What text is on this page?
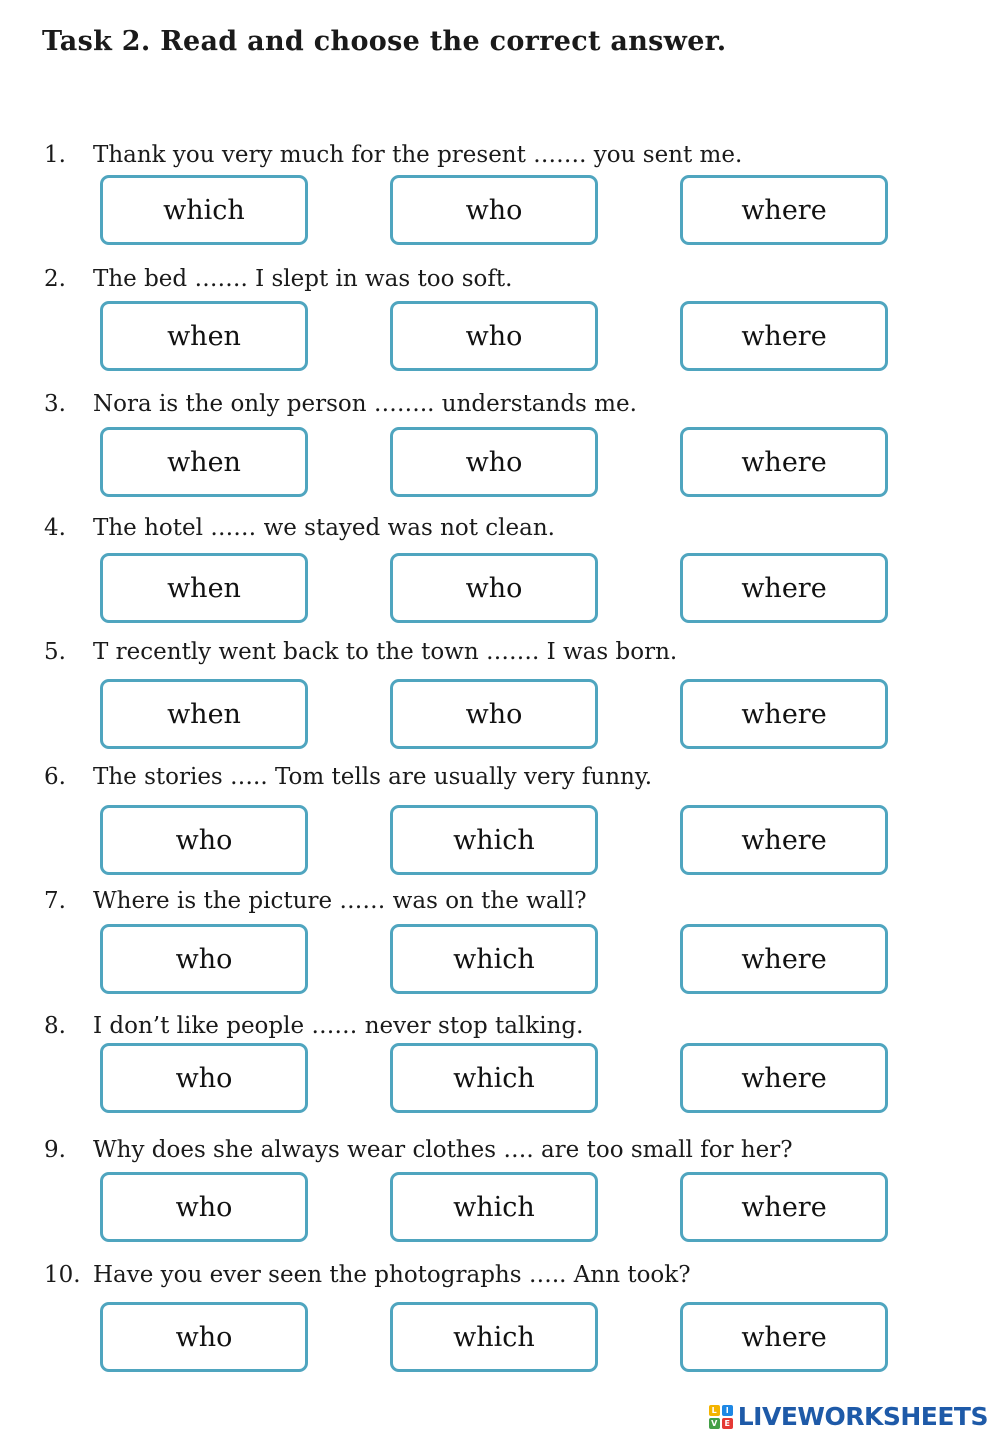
Task 2. Read and choose the correct answer.
1. Thank you very much for the present ……. you sent me.
which	who	where
2. The bed ……. I slept in was too soft.
when	who	where
3. Nora is the only person …….. understands me.
when	who	where
4. The hotel …… we stayed was not clean.
when	who	where
5. T recently went back to the town ……. I was born.
when	who	where
6. The stories ….. Tom tells are usually very funny.
who	which	where
7. Where is the picture …… was on the wall?
who	which	where
8. I don’t like people …… never stop talking.
who	which	where
9. Why does she always wear clothes …. are too small for her?
who	which	where
10. Have you ever seen the photographs ….. Ann took?
who	which	where
L	I
V E LIVEWORKSHEETS
